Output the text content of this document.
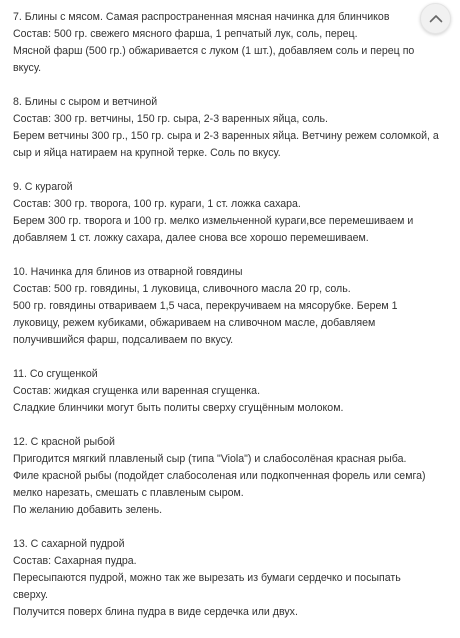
7. Блины с мясом. Самая распространенная мясная начинка для блинчиков
Состав: 500 гр. свежего мясного фарша, 1 репчатый лук, соль, перец.
Мясной фарш (500 гр.) обжаривается с луком (1 шт.), добавляем соль и перец по
вкусу.
8. Блины с сыром и ветчиной
Состав: 300 гр. ветчины, 150 гр. сыра, 2-3 варенных яйца, соль.
Берем ветчины 300 гр., 150 гр. сыра и 2-3 варенных яйца. Ветчину режем соломкой, а
сыр и яйца натираем на крупной терке. Соль по вкусу.
9. С курагой
Состав: 300 гр. творога, 100 гр. кураги, 1 ст. ложка сахара.
Берем 300 гр. творога и 100 гр. мелко измельченной кураги,все перемешиваем и
добавляем 1 ст. ложку сахара, далее снова все хорошо перемешиваем.
10. Начинка для блинов из отварной говядины
Состав: 500 гр. говядины, 1 луковица, сливочного масла 20 гр, соль.
500 гр. говядины отвариваем 1,5 часа, перекручиваем на мясорубке. Берем 1
луковицу, режем кубиками, обжариваем на сливочном масле, добавляем
получившийся фарш, подсаливаем по вкусу.
11. Со сгущенкой
Состав: жидкая сгущенка или варенная сгущенка.
Сладкие блинчики могут быть политы сверху сгущённым молоком.
12. С красной рыбой
Пригодится мягкий плавленый сыр (типа "Viola") и слабосолёная красная рыба.
Филе красной рыбы (подойдет слабосоленая или подкопченная форель или семга)
мелко нарезать, смешать с плавленым сыром.
По желанию добавить зелень.
13. С сахарной пудрой
Состав: Сахарная пудра.
Пересыпаются пудрой, можно так же вырезать из бумаги сердечко и посыпать
сверху.
Получится поверх блина пудра в виде сердечка или двух.
